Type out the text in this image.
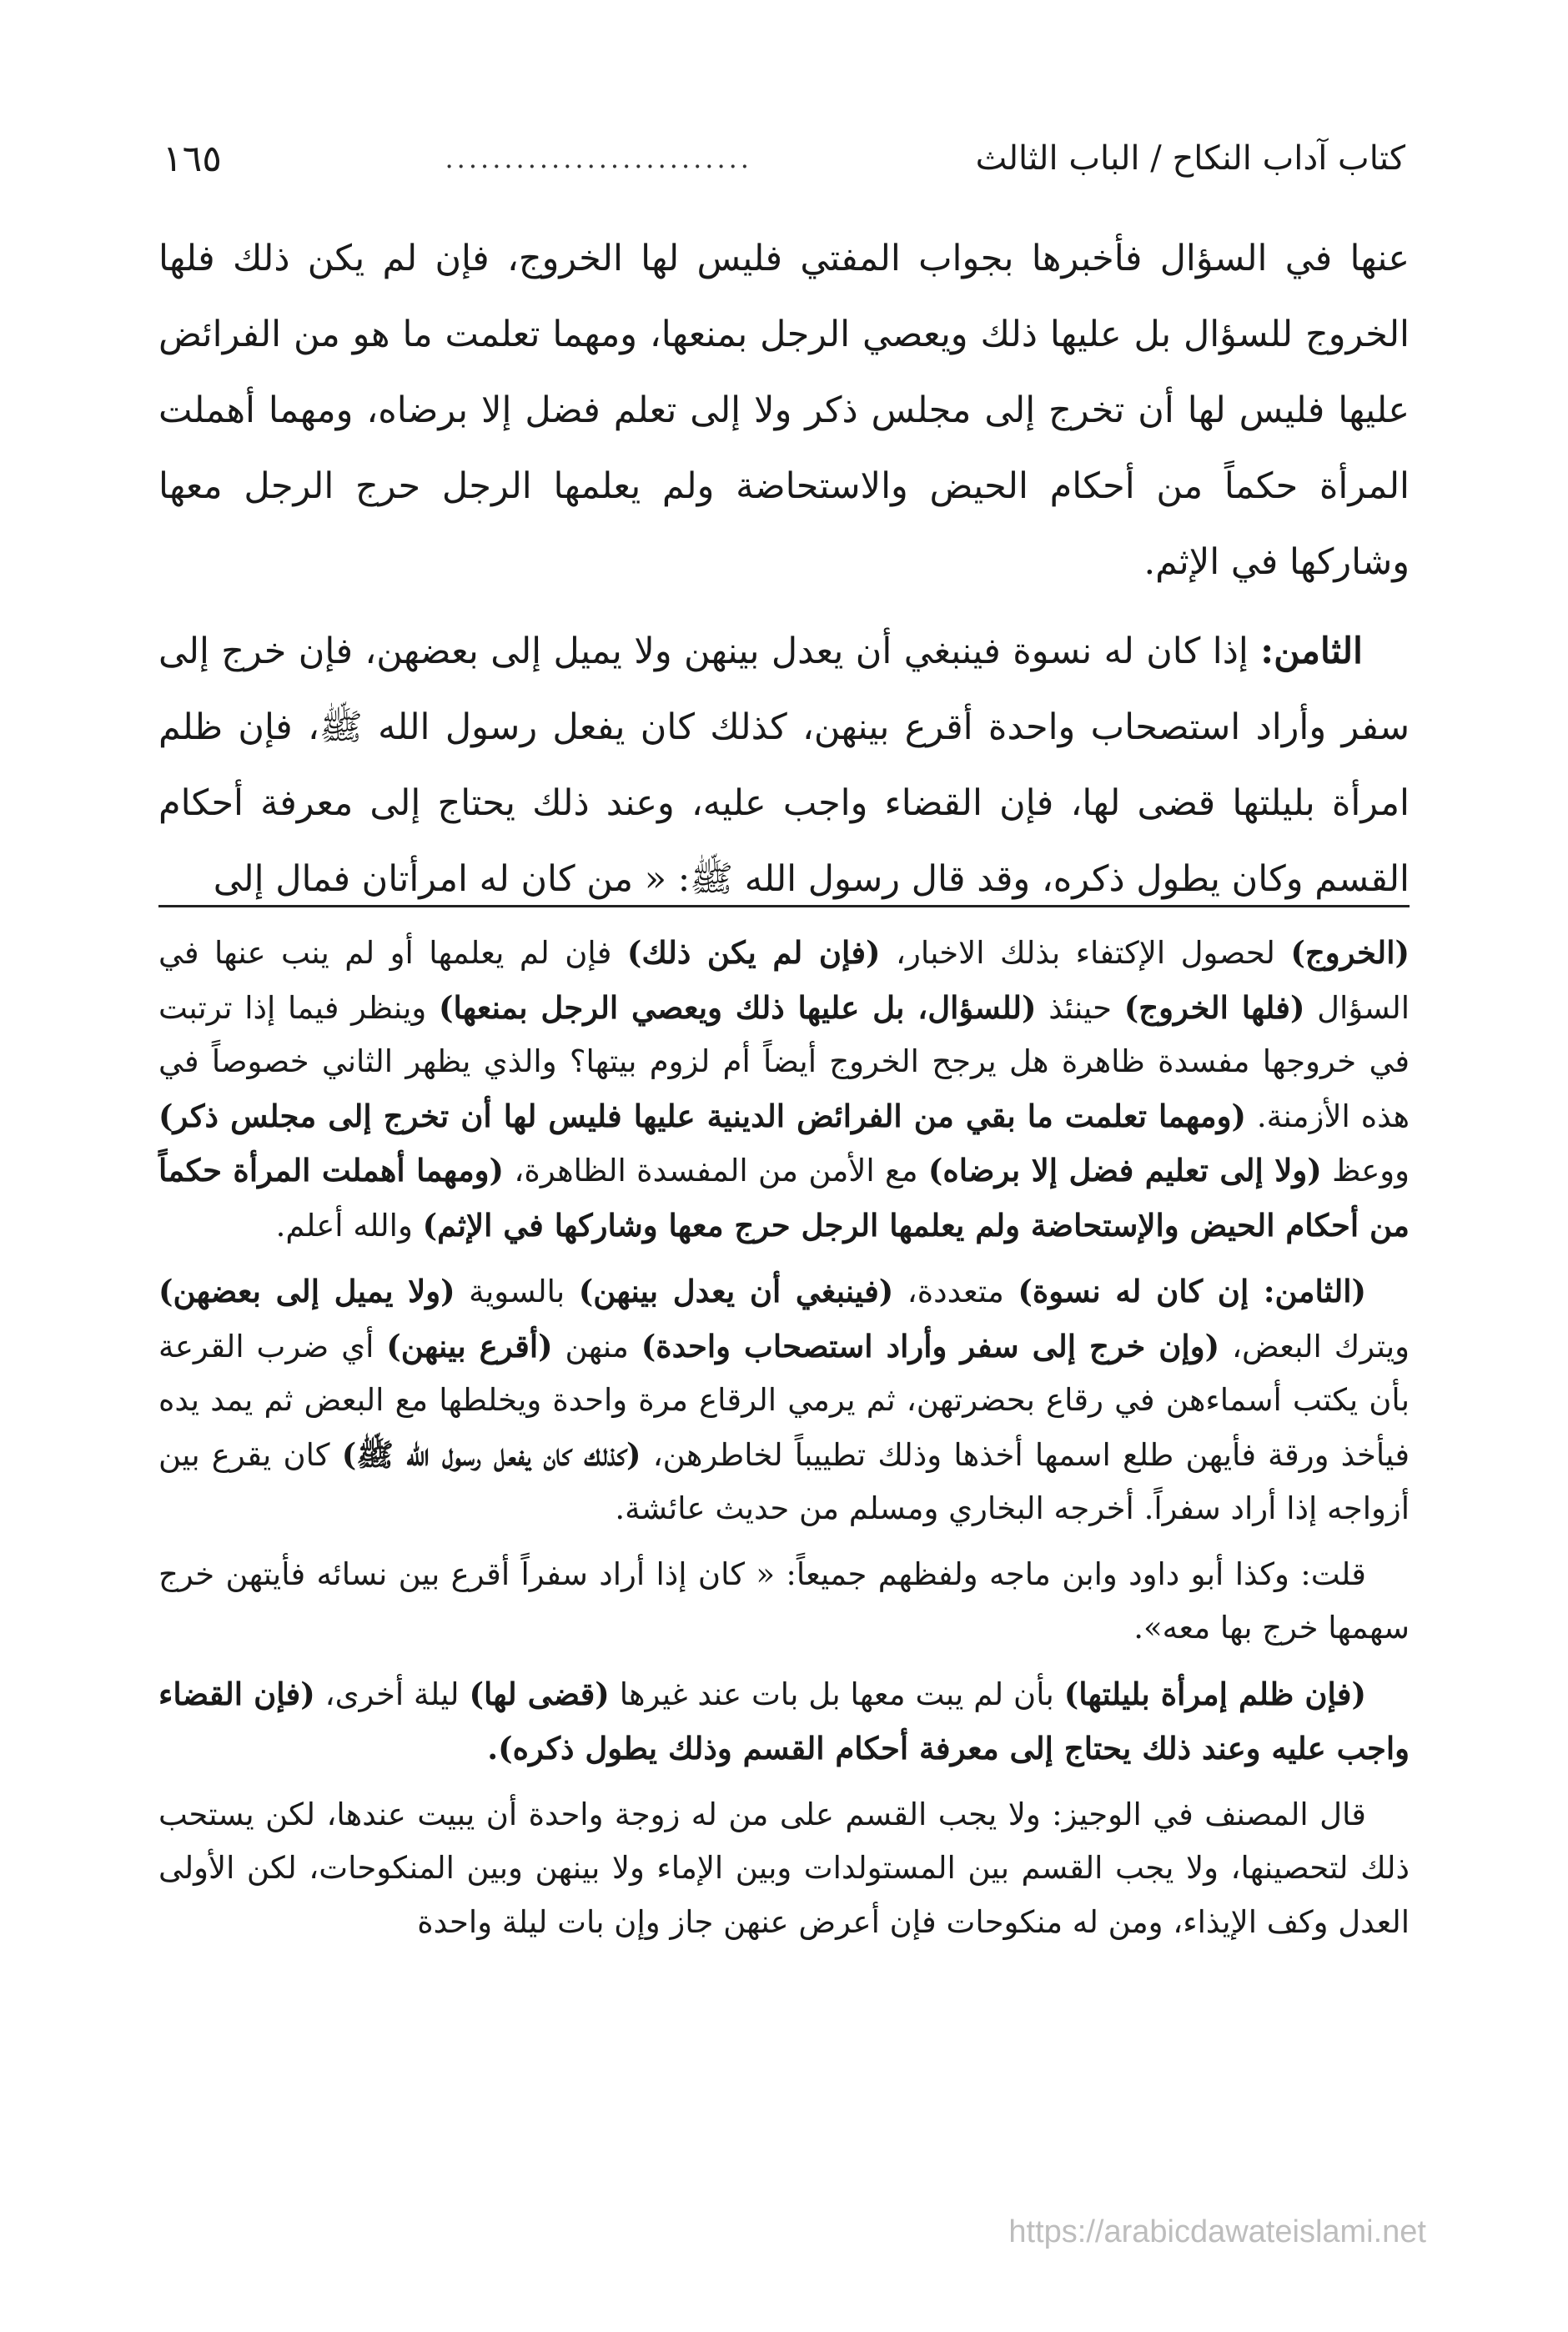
كتاب آداب النكاح / الباب الثالث
..........................
١٦٥

عنها في السؤال فأخبرها بجواب المفتي فليس لها الخروج، فإن لم يكن ذلك فلها الخروج للسؤال بل عليها ذلك ويعصي الرجل بمنعها، ومهما تعلمت ما هو من الفرائض عليها فليس لها أن تخرج إلى مجلس ذكر ولا إلى تعلم فضل إلا برضاه، ومهما أهملت المرأة حكماً من أحكام الحيض والاستحاضة ولم يعلمها الرجل حرج الرجل معها وشاركها في الإثم.

الثامن: إذا كان له نسوة فينبغي أن يعدل بينهن ولا يميل إلى بعضهن، فإن خرج إلى سفر وأراد استصحاب واحدة أقرع بينهن، كذلك كان يفعل رسول الله ﷺ، فإن ظلم امرأة بليلتها قضى لها، فإن القضاء واجب عليه، وعند ذلك يحتاج إلى معرفة أحكام القسم وكان يطول ذكره، وقد قال رسول الله ﷺ: « من كان له امرأتان فمال إلى

(الخروج) لحصول الإكتفاء بذلك الاخبار، (فإن لم يكن ذلك) فإن لم يعلمها أو لم ينب عنها في السؤال (فلها الخروج) حينئذ (للسؤال، بل عليها ذلك ويعصي الرجل بمنعها) وينظر فيما إذا ترتبت في خروجها مفسدة ظاهرة هل يرجح الخروج أيضاً أم لزوم بيتها؟ والذي يظهر الثاني خصوصاً في هذه الأزمنة. (ومهما تعلمت ما بقي من الفرائض الدينية عليها فليس لها أن تخرج إلى مجلس ذكر) ووعظ (ولا إلى تعليم فضل إلا برضاه) مع الأمن من المفسدة الظاهرة، (ومهما أهملت المرأة حكماً من أحكام الحيض والإستحاضة ولم يعلمها الرجل حرج معها وشاركها في الإثم) والله أعلم.

(الثامن: إن كان له نسوة) متعددة، (فينبغي أن يعدل بينهن) بالسوية (ولا يميل إلى بعضهن) ويترك البعض، (وإن خرج إلى سفر وأراد استصحاب واحدة) منهن (أقرع بينهن) أي ضرب القرعة بأن يكتب أسماءهن في رقاع بحضرتهن، ثم يرمي الرقاع مرة واحدة ويخلطها مع البعض ثم يمد يده فيأخذ ورقة فأيهن طلع اسمها أخذها وذلك تطييباً لخاطرهن، (كذلك كان يفعل رسول الله ﷺ) كان يقرع بين أزواجه إذا أراد سفراً. أخرجه البخاري ومسلم من حديث عائشة.

قلت: وكذا أبو داود وابن ماجه ولفظهم جميعاً: « كان إذا أراد سفراً أقرع بين نسائه فأيتهن خرج سهمها خرج بها معه».

(فإن ظلم إمرأة بليلتها) بأن لم يبت معها بل بات عند غيرها (قضى لها) ليلة أخرى، (فإن القضاء واجب عليه وعند ذلك يحتاج إلى معرفة أحكام القسم وذلك يطول ذكره).

قال المصنف في الوجيز: ولا يجب القسم على من له زوجة واحدة أن يبيت عندها، لكن يستحب ذلك لتحصينها، ولا يجب القسم بين المستولدات وبين الإماء ولا بينهن وبين المنكوحات، لكن الأولى العدل وكف الإيذاء، ومن له منكوحات فإن أعرض عنهن جاز وإن بات ليلة واحدة

https://arabicdawateislami.net
